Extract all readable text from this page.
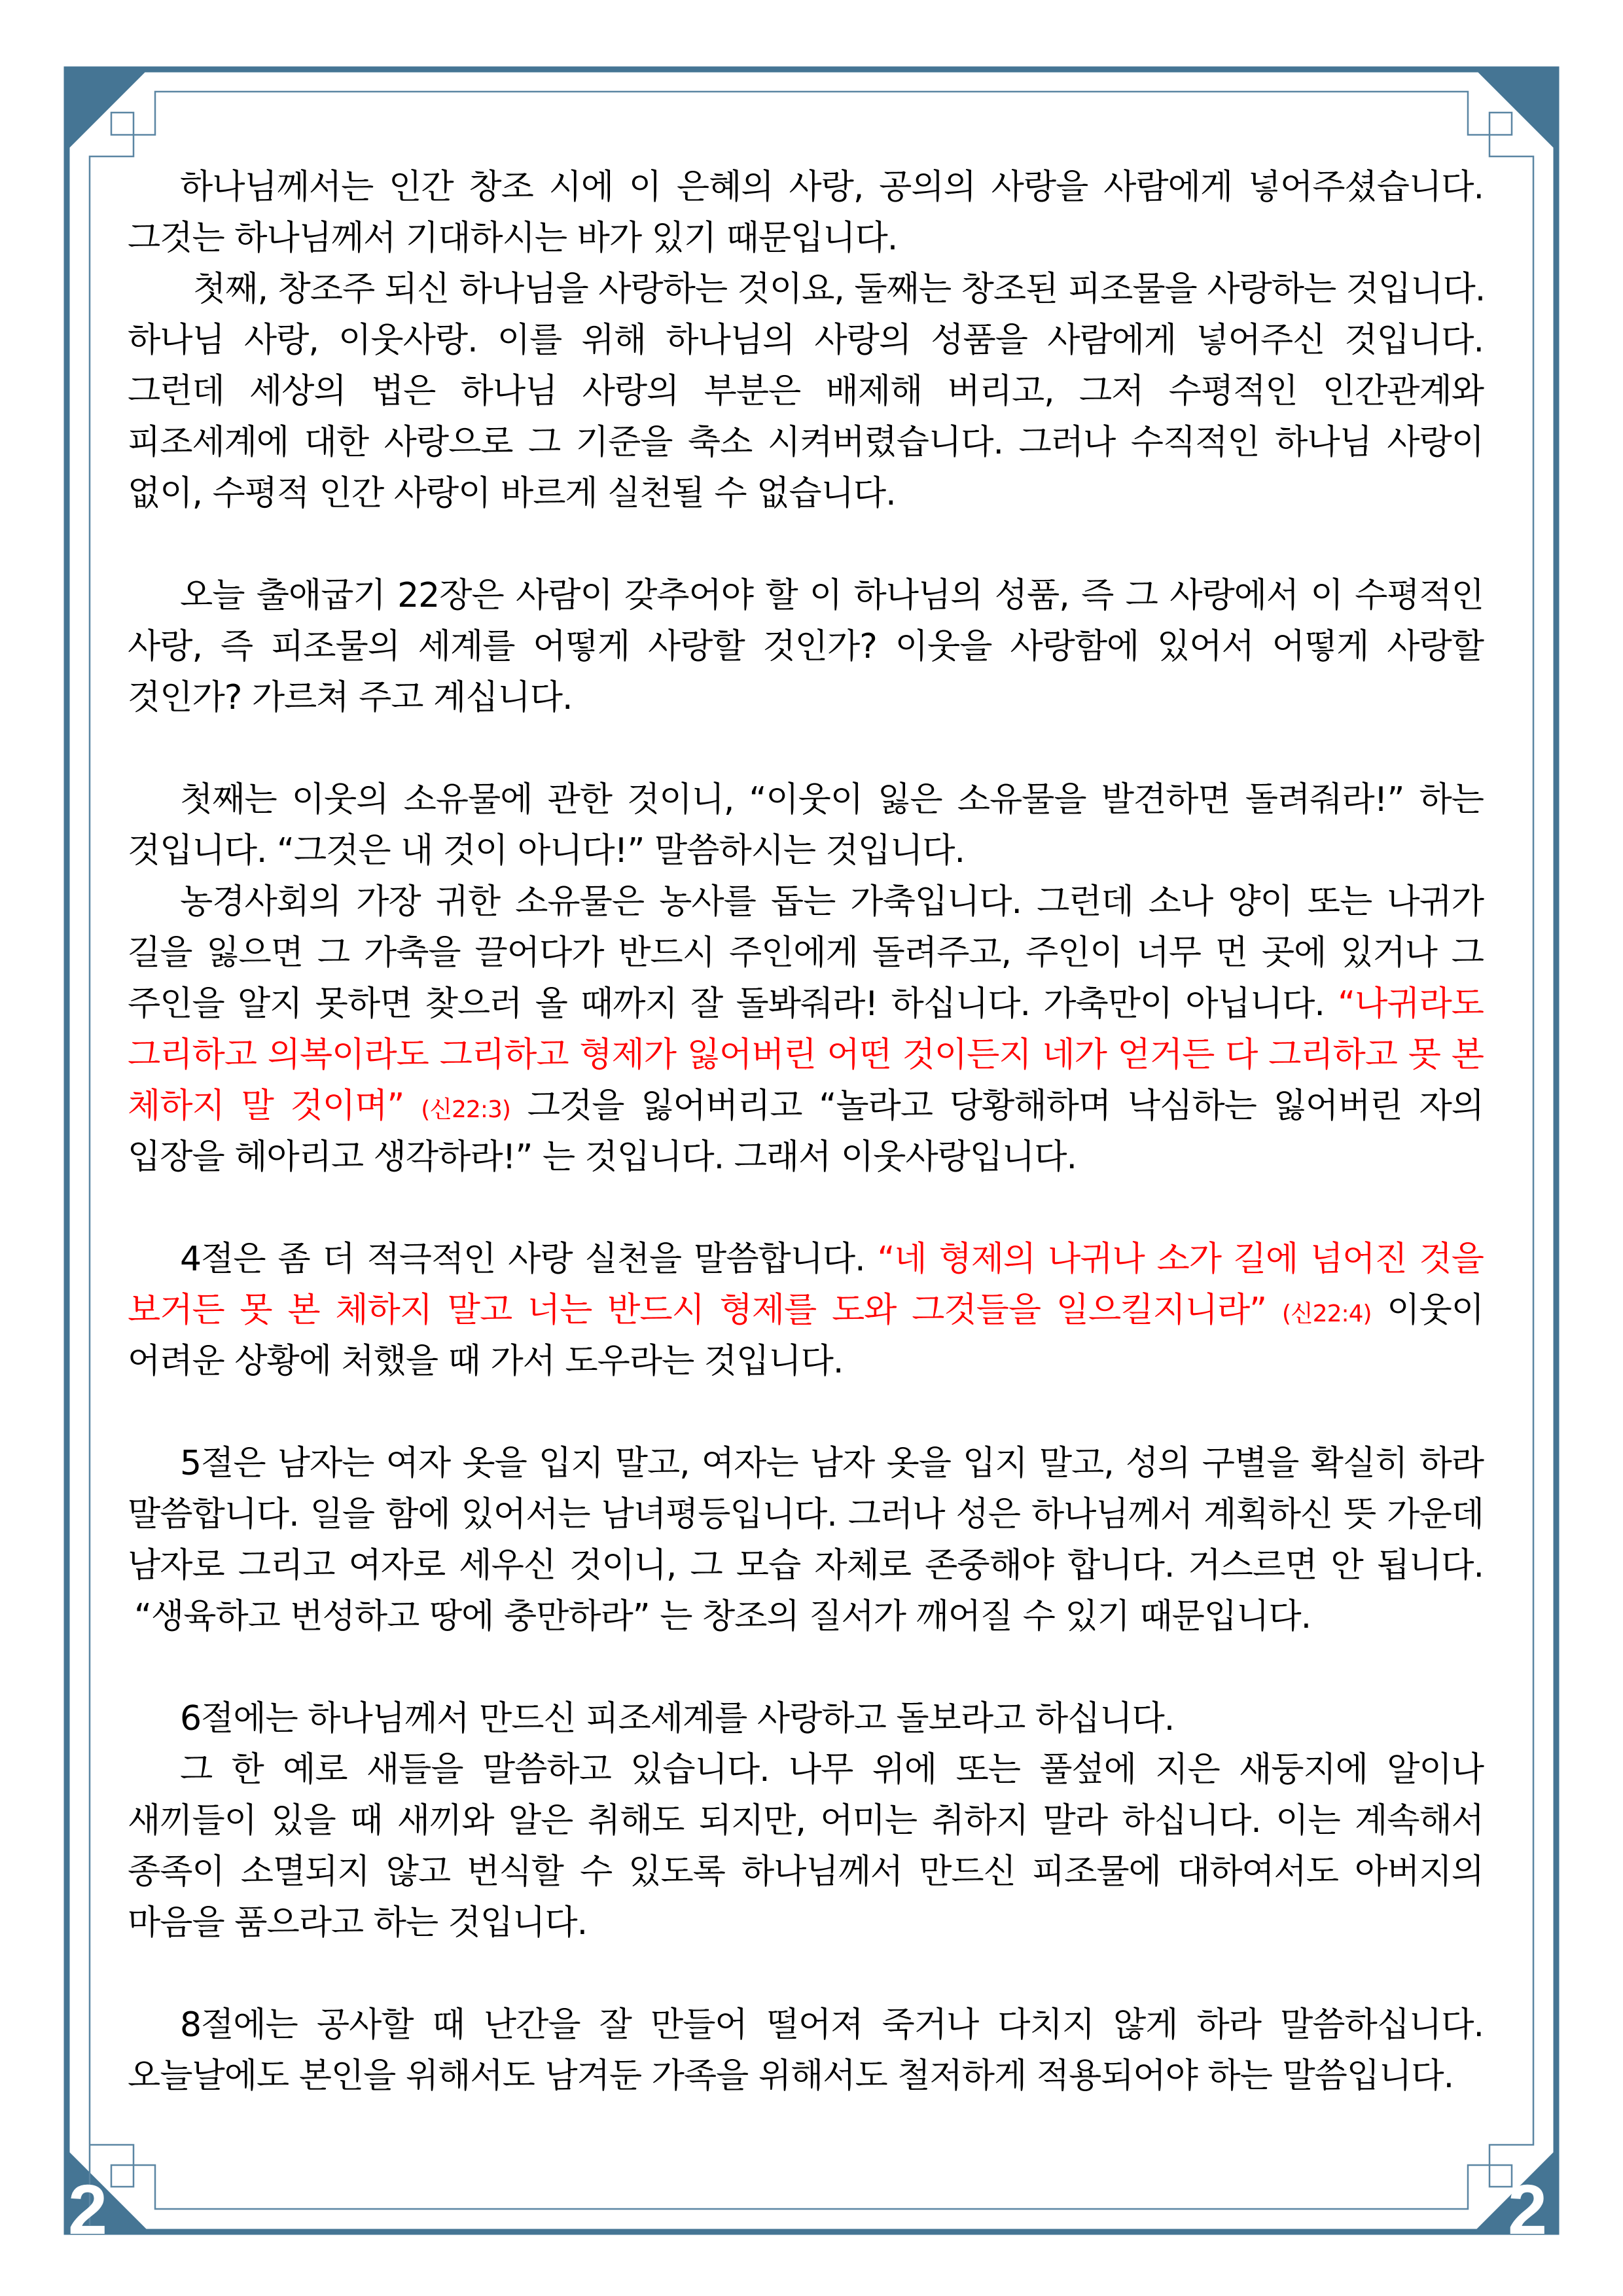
2	2
하나님께서는 인간 창조 시에 이 은혜의 사랑, 공의의 사랑을 사람에게 넣어주셨습니다.
그것는 하나님께서 기대하시는 바가 있기 때문입니다.
첫째, 창조주 되신 하나님을 사랑하는 것이요, 둘째는 창조된 피조물을 사랑하는 것입니다.
하나님 사랑, 이웃사랑. 이를 위해 하나님의 사랑의 성품을 사람에게 넣어주신 것입니다.
그런데 세상의 법은 하나님 사랑의 부분은 배제해 버리고, 그저 수평적인 인간관계와
피조세계에 대한 사랑으로 그 기준을 축소 시켜버렸습니다. 그러나 수직적인 하나님 사랑이
없이, 수평적 인간 사랑이 바르게 실천될 수 없습니다.
오늘 출애굽기 22장은 사람이 갖추어야 할 이 하나님의 성품, 즉 그 사랑에서 이 수평적인
사랑, 즉 피조물의 세계를 어떻게 사랑할 것인가? 이웃을 사랑함에 있어서 어떻게 사랑할
것인가? 가르쳐 주고 계십니다.
첫째는 이웃의 소유물에 관한 것이니, “이웃이 잃은 소유물을 발견하면 돌려줘라!” 하는
것입니다. “그것은 내 것이 아니다!” 말씀하시는 것입니다.
농경사회의 가장 귀한 소유물은 농사를 돕는 가축입니다. 그런데 소나 양이 또는 나귀가
길을 잃으면 그 가축을 끌어다가 반드시 주인에게 돌려주고, 주인이 너무 먼 곳에 있거나 그
주인을 알지 못하면 찾으러 올 때까지 잘 돌봐줘라! 하십니다. 가축만이 아닙니다. “나귀라도
그리하고 의복이라도 그리하고 형제가 잃어버린 어떤 것이든지 네가 얻거든 다 그리하고 못 본
체하지 말 것이며” (신22:3) 그것을 잃어버리고 “놀라고 당황해하며 낙심하는 잃어버린 자의
입장을 헤아리고 생각하라!” 는 것입니다. 그래서 이웃사랑입니다.
4절은 좀 더 적극적인 사랑 실천을 말씀합니다. “네 형제의 나귀나 소가 길에 넘어진 것을
보거든 못 본 체하지 말고 너는 반드시 형제를 도와 그것들을 일으킬지니라” (신22:4) 이웃이
어려운 상황에 처했을 때 가서 도우라는 것입니다.
5절은 남자는 여자 옷을 입지 말고, 여자는 남자 옷을 입지 말고, 성의 구별을 확실히 하라
말씀합니다. 일을 함에 있어서는 남녀평등입니다. 그러나 성은 하나님께서 계획하신 뜻 가운데
남자로 그리고 여자로 세우신 것이니, 그 모습 자체로 존중해야 합니다. 거스르면 안 됩니다.
“생육하고 번성하고 땅에 충만하라” 는 창조의 질서가 깨어질 수 있기 때문입니다.
6절에는 하나님께서 만드신 피조세계를 사랑하고 돌보라고 하십니다.
그 한 예로 새들을 말씀하고 있습니다. 나무 위에 또는 풀섶에 지은 새둥지에 알이나
새끼들이 있을 때 새끼와 알은 취해도 되지만, 어미는 취하지 말라 하십니다. 이는 계속해서
종족이 소멸되지 않고 번식할 수 있도록 하나님께서 만드신 피조물에 대하여서도 아버지의
마음을 품으라고 하는 것입니다.
8절에는 공사할 때 난간을 잘 만들어 떨어져 죽거나 다치지 않게 하라 말씀하십니다.
오늘날에도 본인을 위해서도 남겨둔 가족을 위해서도 철저하게 적용되어야 하는 말씀입니다.
